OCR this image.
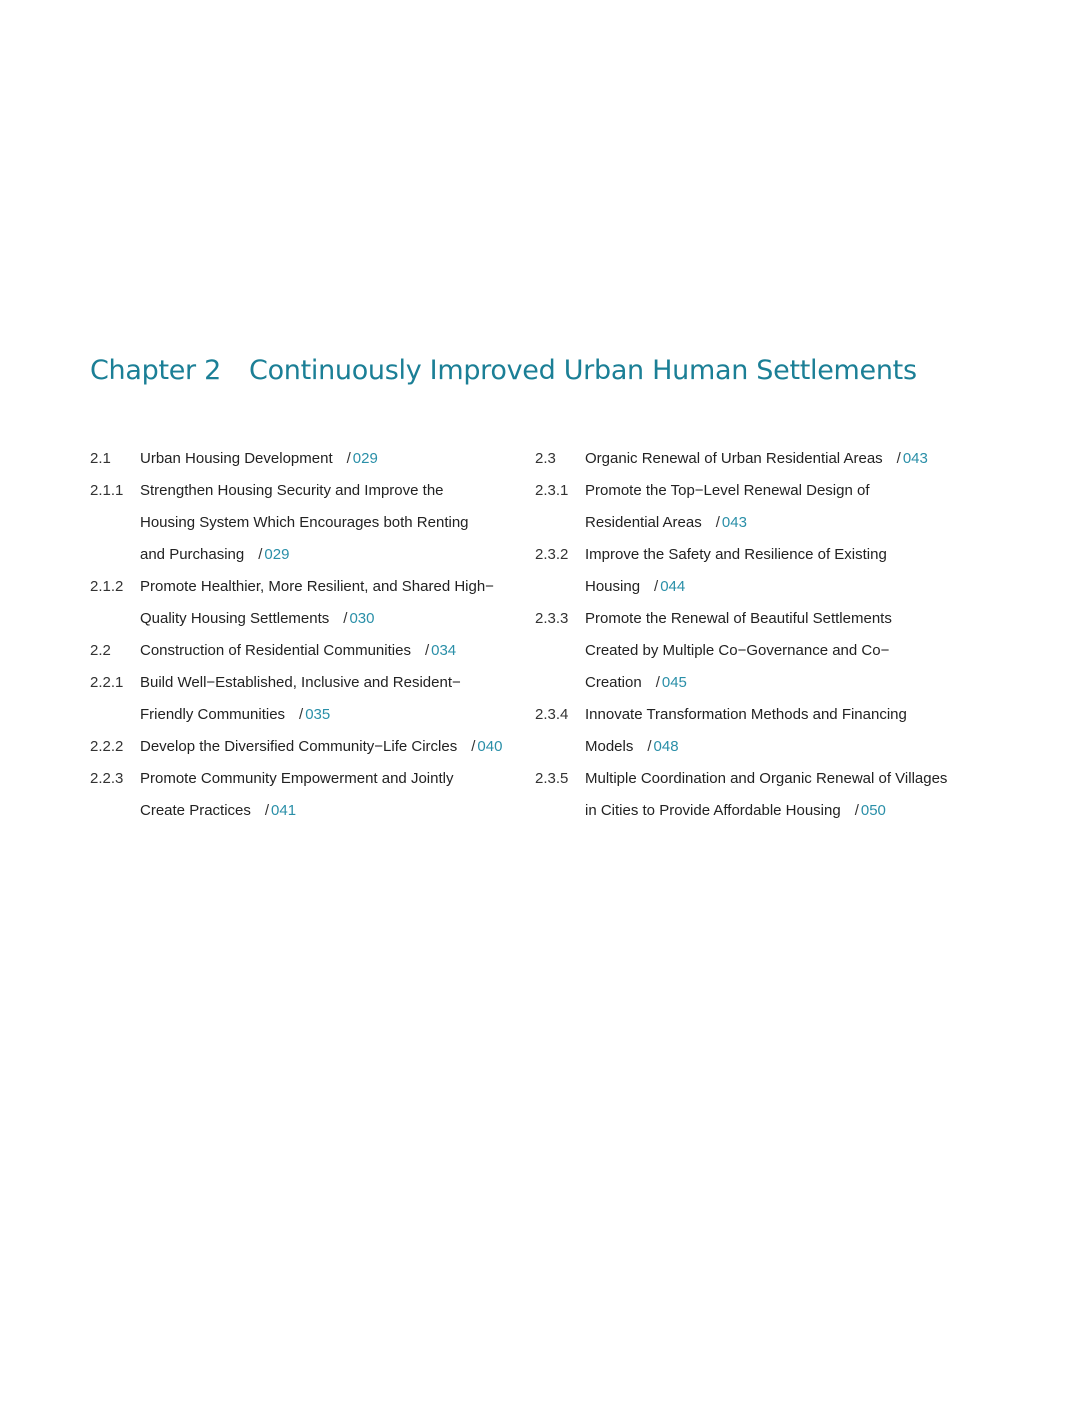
Chapter 2 Continuously Improved Urban Human Settlements
2.1	Urban Housing Development / 029
2.1.1	Strengthen Housing Security and Improve the
Housing System Which Encourages both Renting
and Purchasing / 029
2.1.2	Promote Healthier, More Resilient, and Shared High−
Quality Housing Settlements / 030
2.2	Construction of Residential Communities / 034
2.2.1	Build Well−Established, Inclusive and Resident−
Friendly Communities / 035
2.2.2	Develop the Diversified Community−Life Circles / 040
2.2.3	Promote Community Empowerment and Jointly
Create Practices / 041
2.3	Organic Renewal of Urban Residential Areas / 043
2.3.1	Promote the Top−Level Renewal Design of
Residential Areas / 043
2.3.2	Improve the Safety and Resilience of Existing
Housing / 044
2.3.3	Promote the Renewal of Beautiful Settlements
Created by Multiple Co−Governance and Co−
Creation / 045
2.3.4	Innovate Transformation Methods and Financing
Models / 048
2.3.5	Multiple Coordination and Organic Renewal of Villages
in Cities to Provide Affordable Housing / 050
